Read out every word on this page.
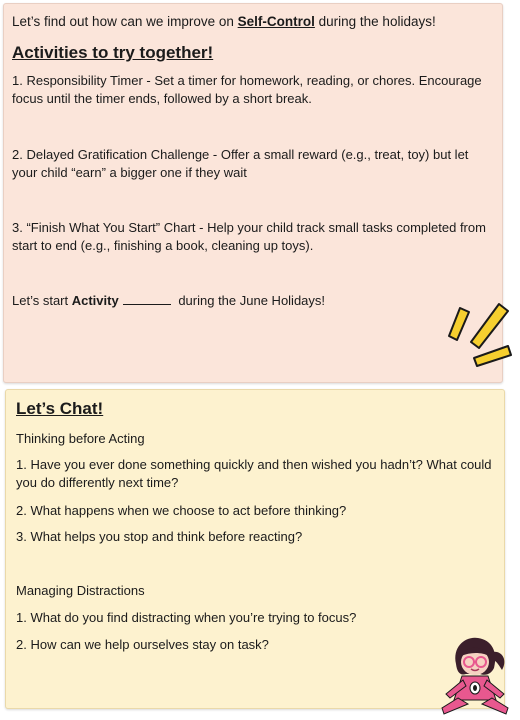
Let’s find out how can we improve on Self-Control during the holidays!

Activities to try together!

1. Responsibility Timer - Set a timer for homework, reading, or chores. Encourage focus until the timer ends, followed by a short break.

2. Delayed Gratification Challenge - Offer a small reward (e.g., treat, toy) but let your child “earn” a bigger one if they wait

3. “Finish What You Start” Chart - Help your child track small tasks completed from start to end (e.g., finishing a book, cleaning up toys).

Let’s start Activity	during the June Holidays!

Let’s Chat!

Thinking before Acting

1. Have you ever done something quickly and then wished you hadn’t? What could you do differently next time?

2. What happens when we choose to act before thinking?

3. What helps you stop and think before reacting?

Managing Distractions

1. What do you find distracting when you’re trying to focus?

2. How can we help ourselves stay on task?
